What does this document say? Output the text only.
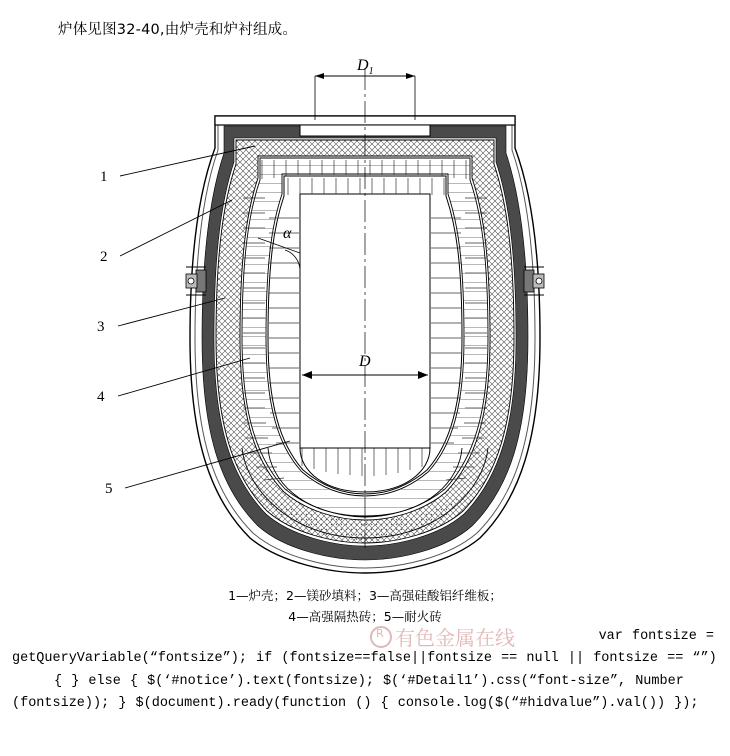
炉体见图32-40,由炉壳和炉衬组成。
$D_1$
D
α
1
2
3
4
5
1—炉壳；2—镁砂填料；3—高强硅酸铝纤维板；
4—高强隔热砖；5—耐火砖
R有色金属在线	var fontsize =
getQueryVariable(“fontsize”); if (fontsize==false||fontsize == null || fontsize == “”)
{ } else { $(‘#notice’).text(fontsize); $(‘#Detail1’).css(“font-size”, Number
(fontsize)); } $(document).ready(function () { console.log($(“#hidvalue”).val()) });
